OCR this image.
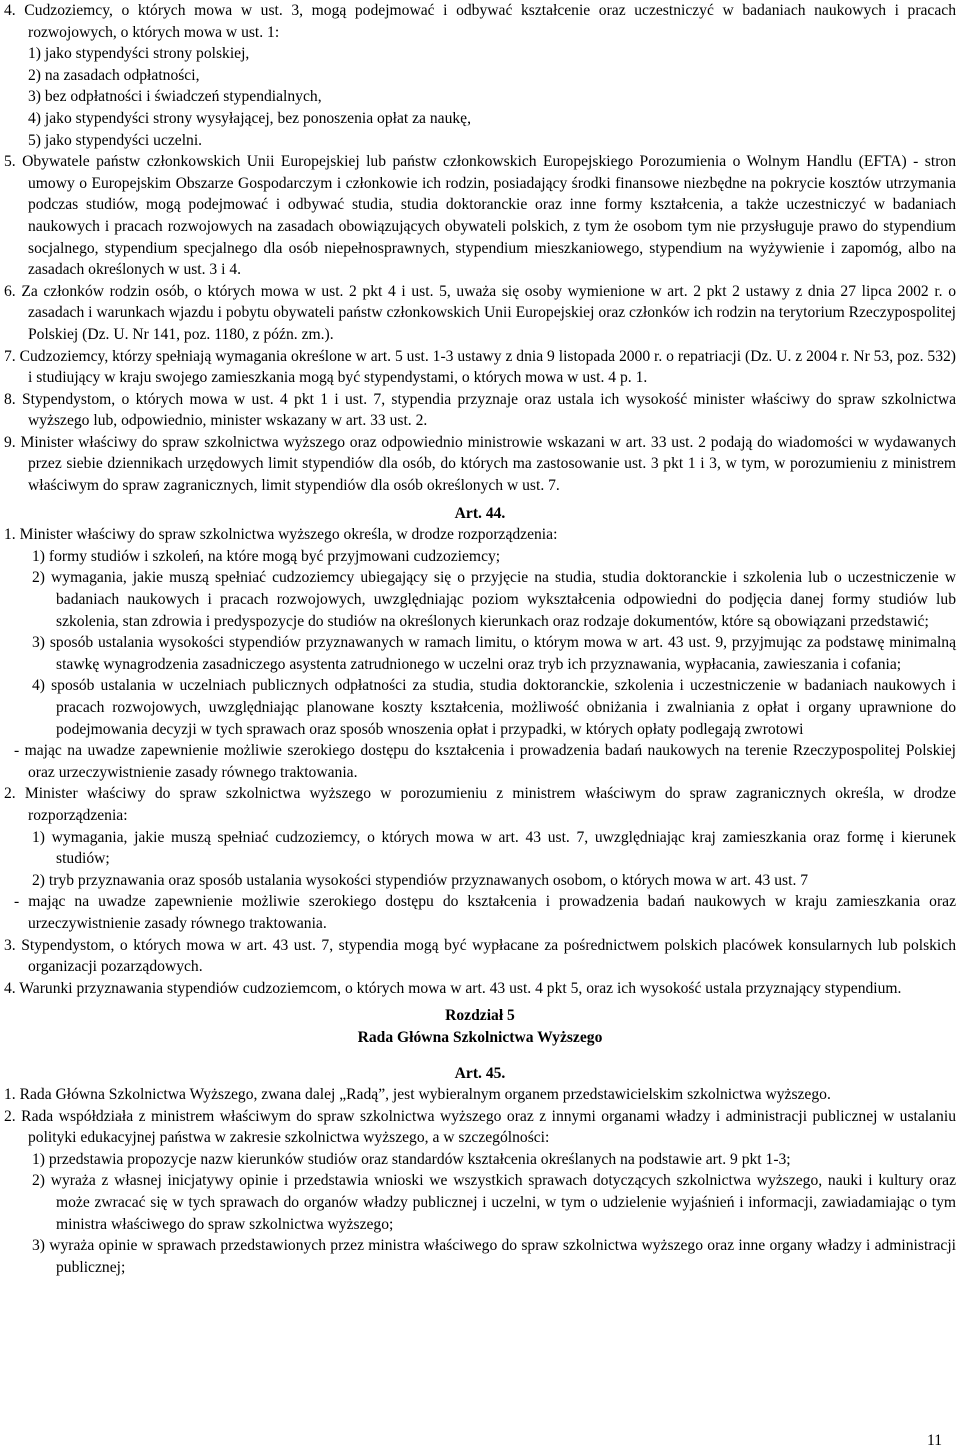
4. Cudzoziemcy, o których mowa w ust. 3, mogą podejmować i odbywać kształcenie oraz uczestniczyć w badaniach naukowych i pracach rozwojowych, o których mowa w ust. 1:

1) jako stypendyści strony polskiej,

2) na zasadach odpłatności,

3) bez odpłatności i świadczeń stypendialnych,

4) jako stypendyści strony wysyłającej, bez ponoszenia opłat za naukę,

5) jako stypendyści uczelni.

5. Obywatele państw członkowskich Unii Europejskiej lub państw członkowskich Europejskiego Porozumienia o Wolnym Handlu (EFTA) - stron umowy o Europejskim Obszarze Gospodarczym i członkowie ich rodzin, posiadający środki finansowe niezbędne na pokrycie kosztów utrzymania podczas studiów, mogą podejmować i odbywać studia, studia doktoranckie oraz inne formy kształcenia, a także uczestniczyć w badaniach naukowych i pracach rozwojowych na zasadach obowiązujących obywateli polskich, z tym że osobom tym nie przysługuje prawo do stypendium socjalnego, stypendium specjalnego dla osób niepełnosprawnych, stypendium mieszkaniowego, stypendium na wyżywienie i zapomóg, albo na zasadach określonych w ust. 3 i 4.

6. Za członków rodzin osób, o których mowa w ust. 2 pkt 4 i ust. 5, uważa się osoby wymienione w art. 2 pkt 2 ustawy z dnia 27 lipca 2002 r. o zasadach i warunkach wjazdu i pobytu obywateli państw członkowskich Unii Europejskiej oraz członków ich rodzin na terytorium Rzeczypospolitej Polskiej (Dz. U. Nr 141, poz. 1180, z późn. zm.).

7. Cudzoziemcy, którzy spełniają wymagania określone w art. 5 ust. 1-3 ustawy z dnia 9 listopada 2000 r. o repatriacji (Dz. U. z 2004 r. Nr 53, poz. 532) i studiujący w kraju swojego zamieszkania mogą być stypendystami, o których mowa w ust. 4 p. 1.

8. Stypendystom, o których mowa w ust. 4 pkt 1 i ust. 7, stypendia przyznaje oraz ustala ich wysokość minister właściwy do spraw szkolnictwa wyższego lub, odpowiednio, minister wskazany w art. 33 ust. 2.

9. Minister właściwy do spraw szkolnictwa wyższego oraz odpowiednio ministrowie wskazani w art. 33 ust. 2 podają do wiadomości w wydawanych przez siebie dziennikach urzędowych limit stypendiów dla osób, do których ma zastosowanie ust. 3 pkt 1 i 3, w tym, w porozumieniu z ministrem właściwym do spraw zagranicznych, limit stypendiów dla osób określonych w ust. 7.

Art. 44.

1. Minister właściwy do spraw szkolnictwa wyższego określa, w drodze rozporządzenia:

1) formy studiów i szkoleń, na które mogą być przyjmowani cudzoziemcy;

2) wymagania, jakie muszą spełniać cudzoziemcy ubiegający się o przyjęcie na studia, studia doktoranckie i szkolenia lub o uczestniczenie w badaniach naukowych i pracach rozwojowych, uwzględniając poziom wykształcenia odpowiedni do podjęcia danej formy studiów lub szkolenia, stan zdrowia i predyspozycje do studiów na określonych kierunkach oraz rodzaje dokumentów, które są obowiązani przedstawić;

3) sposób ustalania wysokości stypendiów przyznawanych w ramach limitu, o którym mowa w art. 43 ust. 9, przyjmując za podstawę minimalną stawkę wynagrodzenia zasadniczego asystenta zatrudnionego w uczelni oraz tryb ich przyznawania, wypłacania, zawieszania i cofania;

4) sposób ustalania w uczelniach publicznych odpłatności za studia, studia doktoranckie, szkolenia i uczestniczenie w badaniach naukowych i pracach rozwojowych, uwzględniając planowane koszty kształcenia, możliwość obniżania i zwalniania z opłat i organy uprawnione do podejmowania decyzji w tych sprawach oraz sposób wnoszenia opłat i przypadki, w których opłaty podlegają zwrotowi

- mając na uwadze zapewnienie możliwie szerokiego dostępu do kształcenia i prowadzenia badań naukowych na terenie Rzeczypospolitej Polskiej oraz urzeczywistnienie zasady równego traktowania.

2. Minister właściwy do spraw szkolnictwa wyższego w porozumieniu z ministrem właściwym do spraw zagranicznych określa, w drodze rozporządzenia:

1) wymagania, jakie muszą spełniać cudzoziemcy, o których mowa w art. 43 ust. 7, uwzględniając kraj zamieszkania oraz formę i kierunek studiów;

2) tryb przyznawania oraz sposób ustalania wysokości stypendiów przyznawanych osobom, o których mowa w art. 43 ust. 7

- mając na uwadze zapewnienie możliwie szerokiego dostępu do kształcenia i prowadzenia badań naukowych w kraju zamieszkania oraz urzeczywistnienie zasady równego traktowania.

3. Stypendystom, o których mowa w art. 43 ust. 7, stypendia mogą być wypłacane za pośrednictwem polskich placówek konsularnych lub polskich organizacji pozarządowych.

4. Warunki przyznawania stypendiów cudzoziemcom, o których mowa w art. 43 ust. 4 pkt 5, oraz ich wysokość ustala przyznający stypendium.

Rozdział 5

Rada Główna Szkolnictwa Wyższego

Art. 45.

1. Rada Główna Szkolnictwa Wyższego, zwana dalej „Radą”, jest wybieralnym organem przedstawicielskim szkolnictwa wyższego.

2. Rada współdziała z ministrem właściwym do spraw szkolnictwa wyższego oraz z innymi organami władzy i administracji publicznej w ustalaniu polityki edukacyjnej państwa w zakresie szkolnictwa wyższego, a w szczególności:

1) przedstawia propozycje nazw kierunków studiów oraz standardów kształcenia określanych na podstawie art. 9 pkt 1-3;

2) wyraża z własnej inicjatywy opinie i przedstawia wnioski we wszystkich sprawach dotyczących szkolnictwa wyższego, nauki i kultury oraz może zwracać się w tych sprawach do organów władzy publicznej i uczelni, w tym o udzielenie wyjaśnień i informacji, zawiadamiając o tym ministra właściwego do spraw szkolnictwa wyższego;

3) wyraża opinie w sprawach przedstawionych przez ministra właściwego do spraw szkolnictwa wyższego oraz inne organy władzy i administracji publicznej;

11
